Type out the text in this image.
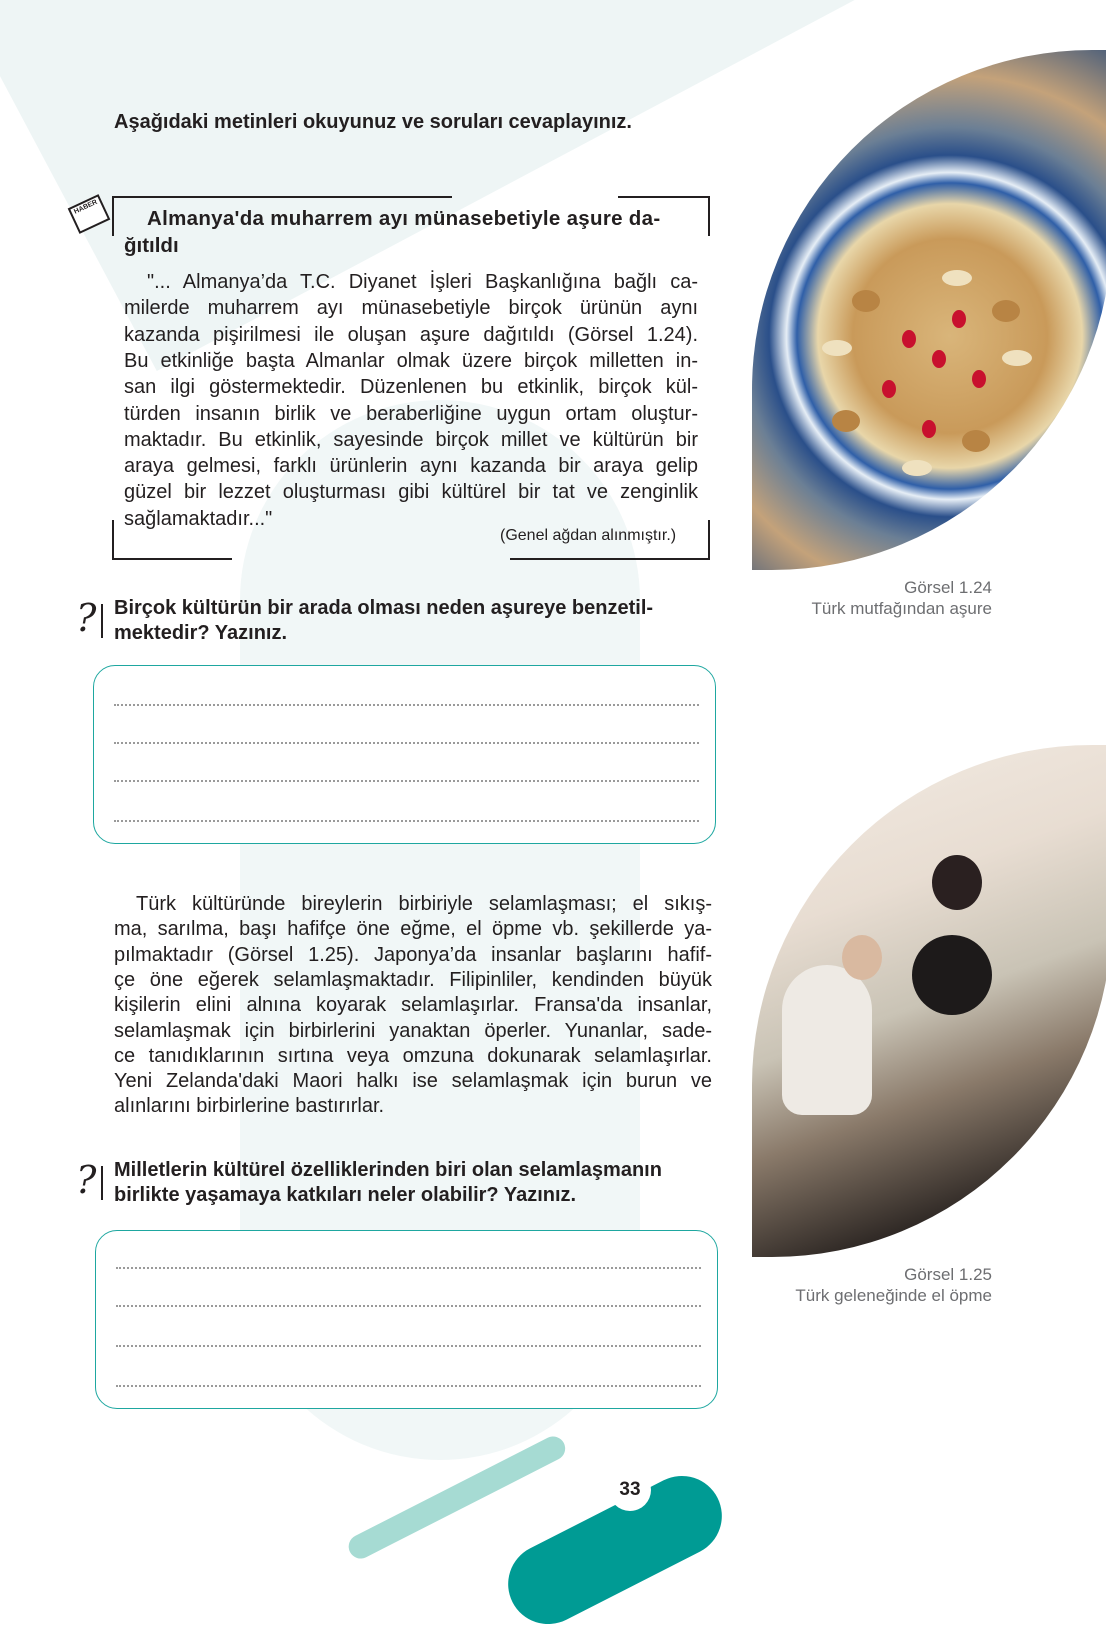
Aşağıdaki metinleri okuyunuz ve soruları cevaplayınız.
HABER	Almanya'da muharrem ayı münasebetiyle aşure da-
ğıtıldı
"... Almanya’da T.C. Diyanet İşleri Başkanlığına bağlı ca-
milerde muharrem ayı münasebetiyle birçok ürünün aynı
kazanda pişirilmesi ile oluşan aşure dağıtıldı (Görsel 1.24).
Bu etkinliğe başta Almanlar olmak üzere birçok milletten in-
san ilgi göstermektedir. Düzenlenen bu etkinlik, birçok kül-
türden insanın birlik ve beraberliğine uygun ortam oluştur-
maktadır. Bu etkinlik, sayesinde birçok millet ve kültürün bir
araya gelmesi, farklı ürünlerin aynı kazanda bir araya gelip
güzel bir lezzet oluşturması gibi kültürel bir tat ve zenginlik
sağlamaktadır..."
(Genel ağdan alınmıştır.)
? Birçok kültürün bir arada olması neden aşureye benzetil-
mektedir? Yazınız.
Türk kültüründe bireylerin birbiriyle selamlaşması; el sıkış-
ma, sarılma, başı hafifçe öne eğme, el öpme vb. şekillerde ya-
pılmaktadır (Görsel 1.25). Japonya’da insanlar başlarını hafif-
çe öne eğerek selamlaşmaktadır. Filipinliler, kendinden büyük
kişilerin elini alnına koyarak selamlaşırlar. Fransa'da insanlar,
selamlaşmak için birbirlerini yanaktan öperler. Yunanlar, sade-
ce tanıdıklarının sırtına veya omzuna dokunarak selamlaşırlar.
Yeni Zelanda'daki Maori halkı ise selamlaşmak için burun ve
alınlarını birbirlerine bastırırlar.
? Milletlerin kültürel özelliklerinden biri olan selamlaşmanın
birlikte yaşamaya katkıları neler olabilir? Yazınız.
Görsel 1.24
Türk mutfağından aşure
Görsel 1.25
Türk geleneğinde el öpme
33
